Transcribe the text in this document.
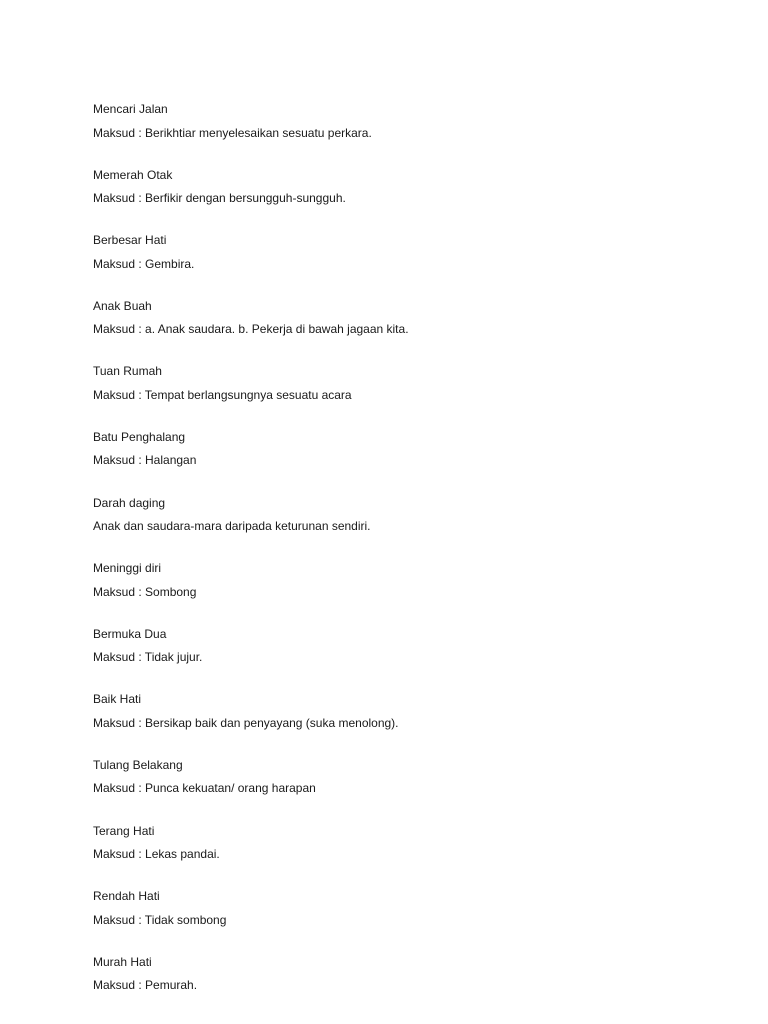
Mencari Jalan

Maksud : Berikhtiar menyelesaikan sesuatu perkara.

Memerah Otak

Maksud : Berfikir dengan bersungguh-sungguh.

Berbesar Hati

Maksud : Gembira.

Anak Buah

Maksud : a. Anak saudara. b. Pekerja di bawah jagaan kita.

Tuan Rumah

Maksud : Tempat berlangsungnya sesuatu acara

Batu Penghalang

Maksud : Halangan

Darah daging

Anak dan saudara-mara daripada keturunan sendiri.

Meninggi diri

Maksud : Sombong

Bermuka Dua

Maksud : Tidak jujur.

Baik Hati

Maksud : Bersikap baik dan penyayang (suka menolong).

Tulang Belakang

Maksud : Punca kekuatan/ orang harapan

Terang Hati

Maksud : Lekas pandai.

Rendah Hati

Maksud : Tidak sombong

Murah Hati

Maksud : Pemurah.
